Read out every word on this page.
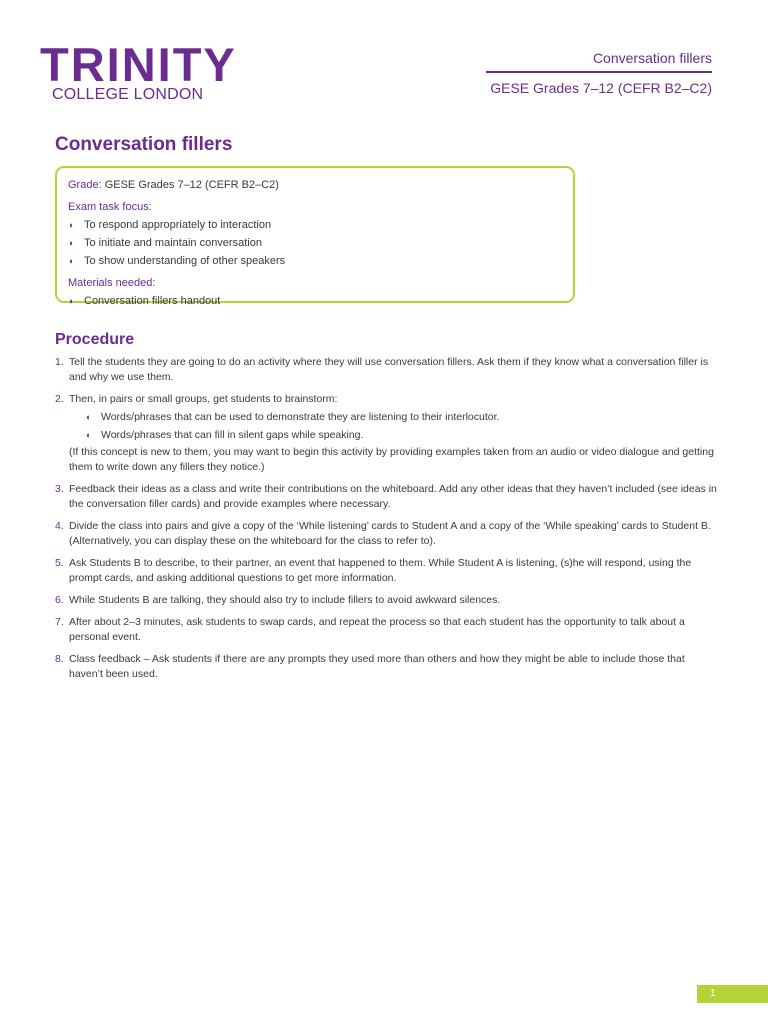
TRINITY
COLLEGE LONDON
Conversation fillers
GESE Grades 7–12 (CEFR B2–C2)
Conversation fillers
Grade: GESE Grades 7–12 (CEFR B2–C2)
Exam task focus:
◖ To respond appropriately to interaction
◖ To initiate and maintain conversation
◖ To show understanding of other speakers
Materials needed:
◖ Conversation fillers handout
Procedure
1. Tell the students they are going to do an activity where they will use conversation fillers. Ask them if they know what a conversation filler is and why we use them.
2. Then, in pairs or small groups, get students to brainstorm:
◖	Words/phrases that can be used to demonstrate they are listening to their interlocutor.
◖	Words/phrases that can fill in silent gaps while speaking.
(If this concept is new to them, you may want to begin this activity by providing examples taken from an audio or video dialogue and getting them to write down any fillers they notice.)
3. Feedback their ideas as a class and write their contributions on the whiteboard. Add any other ideas that they haven’t included (see ideas in the conversation filler cards) and provide examples where necessary.
4. Divide the class into pairs and give a copy of the ‘While listening’ cards to Student A and a copy of the ‘While speaking’ cards to Student B. (Alternatively, you can display these on the whiteboard for the class to refer to).
5. Ask Students B to describe, to their partner, an event that happened to them. While Student A is listening, (s)he will respond, using the prompt cards, and asking additional questions to get more information.
6. While Students B are talking, they should also try to include fillers to avoid awkward silences.
7. After about 2–3 minutes, ask students to swap cards, and repeat the process so that each student has the opportunity to talk about a personal event.
8. Class feedback – Ask students if there are any prompts they used more than others and how they might be able to include those that haven’t been used.
1
